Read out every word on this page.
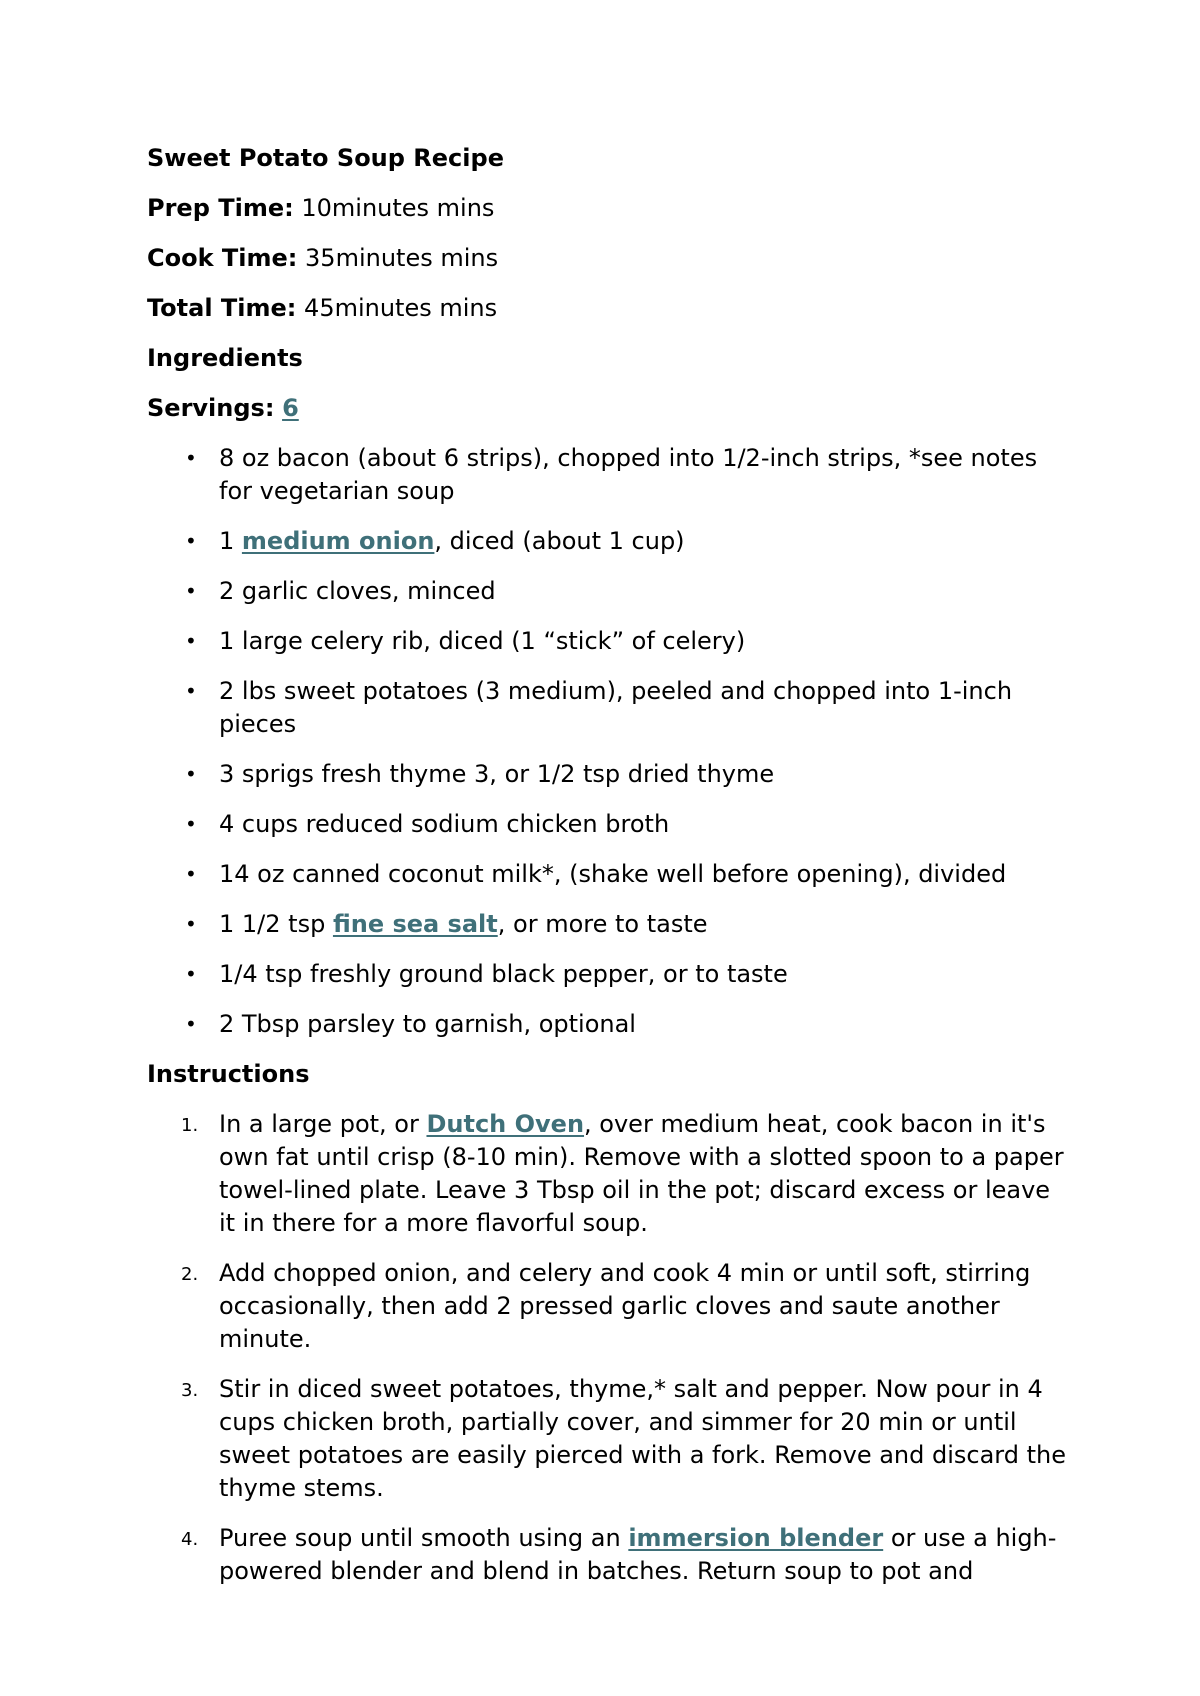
Sweet Potato Soup Recipe
Prep Time: 10minutes mins
Cook Time: 35minutes mins
Total Time: 45minutes mins
Ingredients
Servings: 6
• 8 oz bacon (about 6 strips), chopped into 1/2-inch strips, *see notes for vegetarian soup
• 1 medium onion, diced (about 1 cup)
• 2 garlic cloves, minced
• 1 large celery rib, diced (1 “stick” of celery)
• 2 lbs sweet potatoes (3 medium), peeled and chopped into 1-inch pieces
• 3 sprigs fresh thyme 3, or 1/2 tsp dried thyme
• 4 cups reduced sodium chicken broth
• 14 oz canned coconut milk*, (shake well before opening), divided
• 1 1/2 tsp fine sea salt, or more to taste
• 1/4 tsp freshly ground black pepper, or to taste
• 2 Tbsp parsley to garnish, optional
Instructions
1. In a large pot, or Dutch Oven, over medium heat, cook bacon in it's own fat until crisp (8-10 min). Remove with a slotted spoon to a paper towel-lined plate. Leave 3 Tbsp oil in the pot; discard excess or leave it in there for a more flavorful soup.
2. Add chopped onion, and celery and cook 4 min or until soft, stirring occasionally, then add 2 pressed garlic cloves and saute another minute.
3. Stir in diced sweet potatoes, thyme,* salt and pepper. Now pour in 4 cups chicken broth, partially cover, and simmer for 20 min or until sweet potatoes are easily pierced with a fork. Remove and discard the thyme stems.
4. Puree soup until smooth using an immersion blender or use a high-powered blender and blend in batches. Return soup to pot and
